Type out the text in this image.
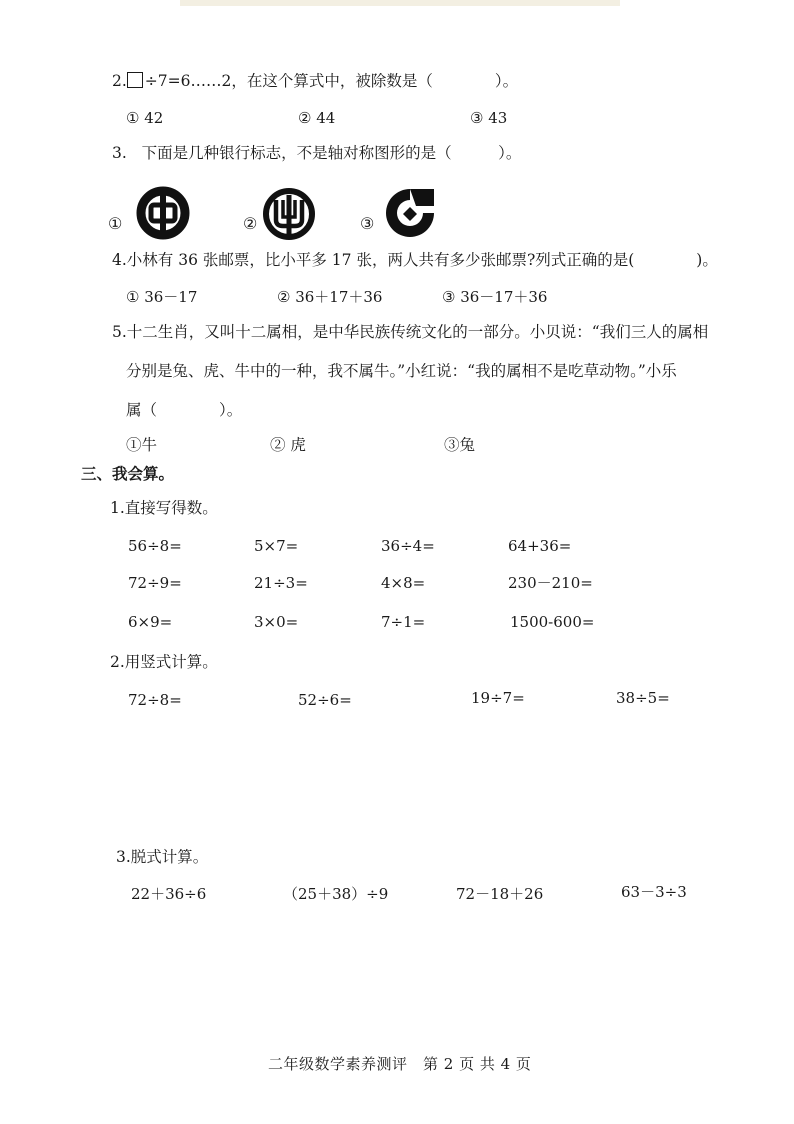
2. ÷7=6……2，在这个算式中，被除数是（　　　　）。
① 42	② 44	③ 43
3. 下面是几种银行标志，不是轴对称图形的是（　　　）。
①	②	③
4.小林有 36 张邮票，比小平多 17 张，两人共有多少张邮票?列式正确的是(　　　　)。
① 36－17	② 36＋17＋36	③ 36－17＋36
5.十二生肖，又叫十二属相，是中华民族传统文化的一部分。小贝说：“我们三人的属相
分别是兔、虎、牛中的一种，我不属牛。”小红说：“我的属相不是吃草动物。”小乐
属（　　　　）。
①牛	② 虎	③兔
三、我会算。
1.直接写得数。
56÷8=	5×7=	36÷4=	64+36=
72÷9=	21÷3=	4×8=	230－210=
6×9=	3×0=	7÷1=	1500-600=
2.用竖式计算。
72÷8=	52÷6=	19÷7=	38÷5=
3.脱式计算。
22＋36÷6	（25＋38）÷9	72－18＋26	63－3÷3
二年级数学素养测评　第 2 页 共 4 页
